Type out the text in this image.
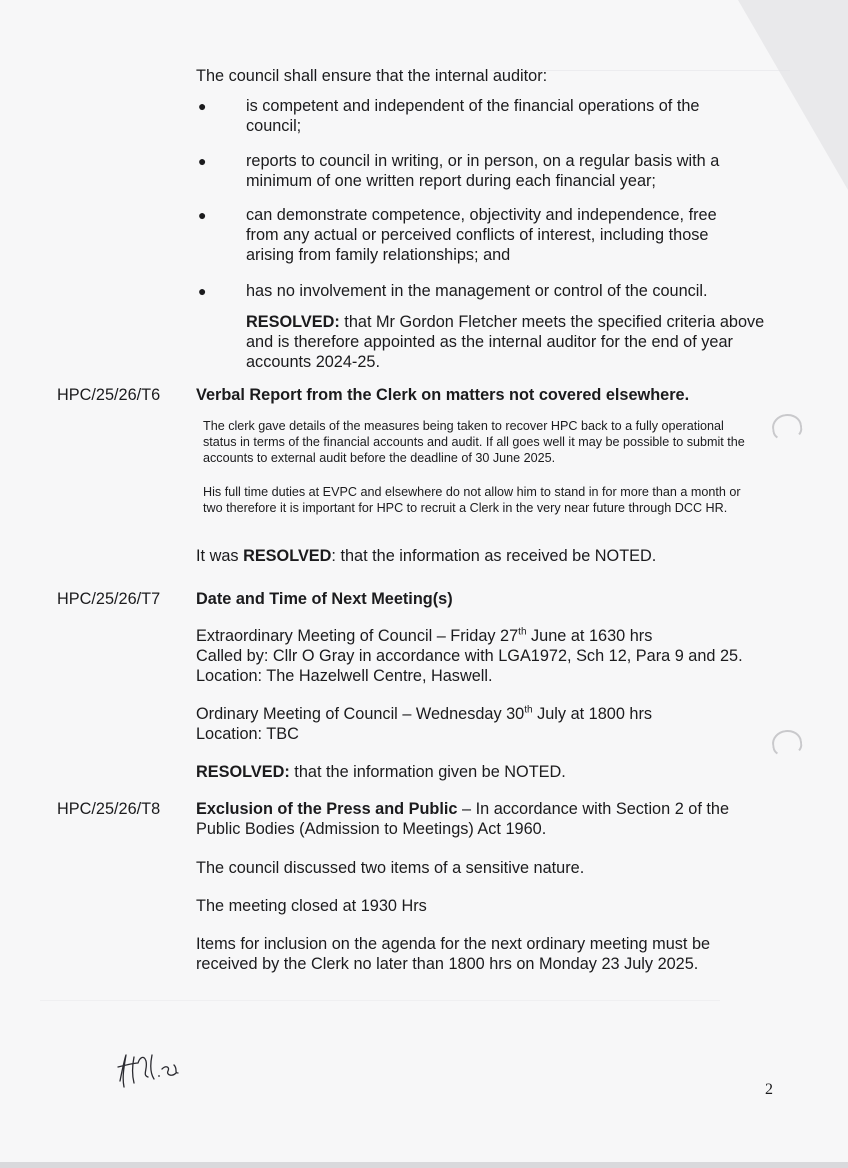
The council shall ensure that the internal auditor:

● is competent and independent of the financial operations of the council;

● reports to council in writing, or in person, on a regular basis with a minimum of one written report during each financial year;

● can demonstrate competence, objectivity and independence, free from any actual or perceived conflicts of interest, including those arising from family relationships; and

● has no involvement in the management or control of the council.

RESOLVED: that Mr Gordon Fletcher meets the specified criteria above and is therefore appointed as the internal auditor for the end of year accounts 2024-25.

HPC/25/26/T6 Verbal Report from the Clerk on matters not covered elsewhere.

The clerk gave details of the measures being taken to recover HPC back to a fully operational status in terms of the financial accounts and audit. If all goes well it may be possible to submit the accounts to external audit before the deadline of 30 June 2025.

His full time duties at EVPC and elsewhere do not allow him to stand in for more than a month or two therefore it is important for HPC to recruit a Clerk in the very near future through DCC HR.

It was RESOLVED: that the information as received be NOTED.

HPC/25/26/T7 Date and Time of Next Meeting(s)

Extraordinary Meeting of Council – Friday 27th June at 1630 hrs

Called by: Cllr O Gray in accordance with LGA1972, Sch 12, Para 9 and 25.

Location: The Hazelwell Centre, Haswell.

Ordinary Meeting of Council – Wednesday 30th July at 1800 hrs

Location: TBC

RESOLVED: that the information given be NOTED.

HPC/25/26/T8 Exclusion of the Press and Public – In accordance with Section 2 of the Public Bodies (Admission to Meetings) Act 1960.

The council discussed two items of a sensitive nature.

The meeting closed at 1930 Hrs

Items for inclusion on the agenda for the next ordinary meeting must be received by the Clerk no later than 1800 hrs on Monday 23 July 2025.

2
